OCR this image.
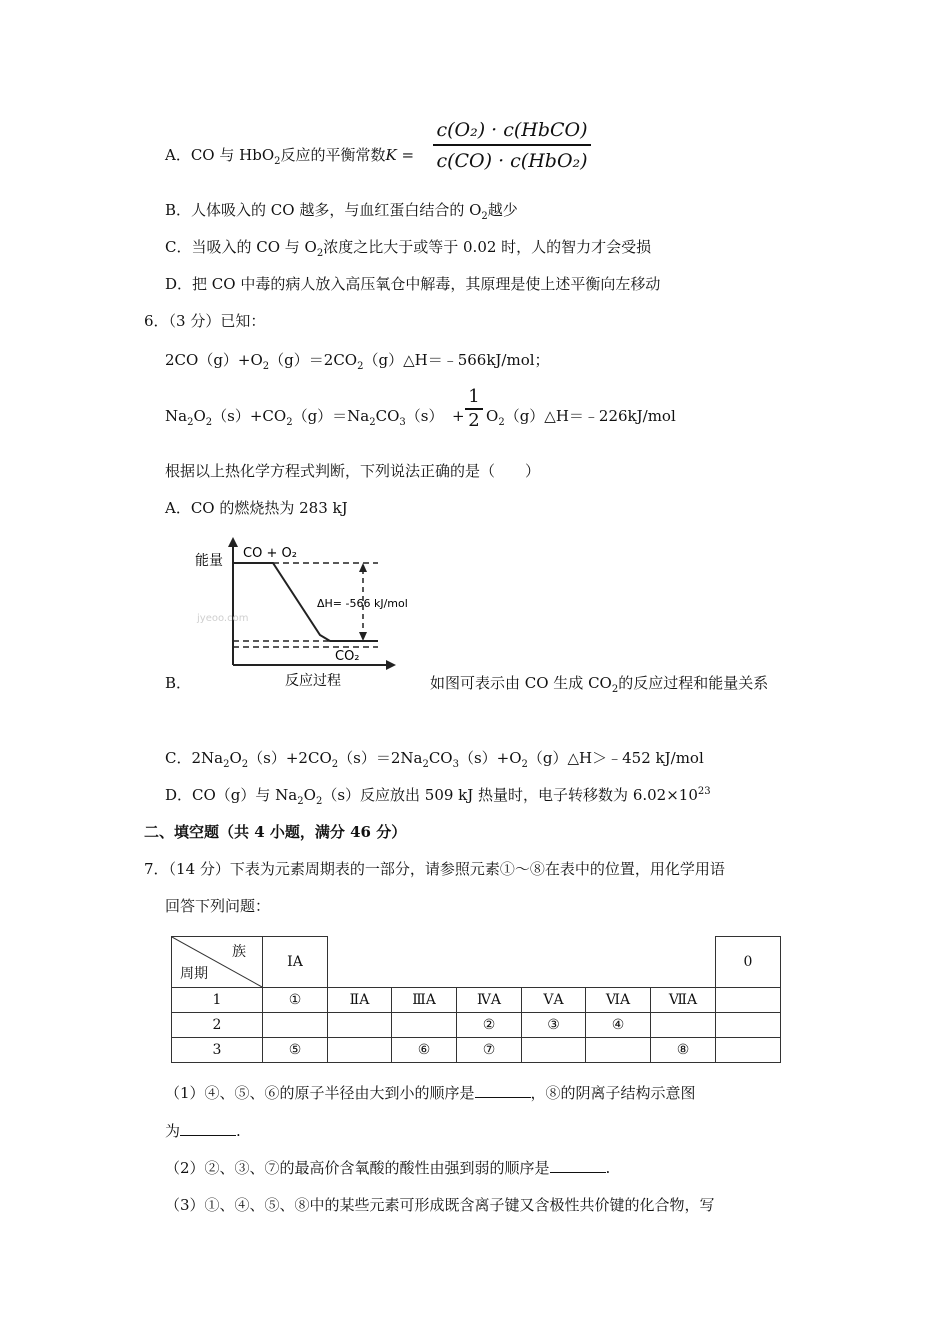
A．CO 与 HbO$_2$反应的平衡常数K =
c(O₂) · c(HbCO)
c(CO) · c(HbO₂)
B．人体吸入的 CO 越多，与血红蛋白结合的 $O_2$越少
C．当吸入的 CO 与 $O_2$浓度之比大于或等于 0.02 时，人的智力才会受损
D．把 CO 中毒的病人放入高压氧仓中解毒，其原理是使上述平衡向左移动
6．（3 分）已知：
$2CO(g)+O_2(g)=2CO_2(g)\triangle H=﹣566kJ$/mol；
$Na_2O_2(s)+CO_2(g)=Na_2CO_3(s)$ +
1
2 $O_2(g)\triangle H=﹣226kJ$/mol
根据以上热化学方程式判断，下列说法正确的是（　　）
A．CO 的燃烧热为 283 kJ
能量 CO + O₂
ΔH= -566 kJ/mol
CO₂
jyeoo.com
反应过程
B．	如图可表示由 CO 生成 $CO_2$的反应过程和能量关系
C．$2Na_2O_2(s)+2CO_2(s)=2Na_2CO_3(s)+O_2(g)\triangle H>﹣452$ kJ/mol
D．CO（g）与 $Na_2O_2(s)$反应放出 509 kJ 热量时，电子转移数为 $6.02\times 10^{23}$
二、填空题（共 4 小题，满分 46 分）
7．（14 分）下表为元素周期表的一部分，请参照元素①～⑧在表中的位置，用化学用语
回答下列问题：
族
周期	ⅠA							0
1	①	ⅡA	ⅢA	ⅣA	ⅤA	ⅥA	ⅦA	
2				②	③	④		
3	⑤		⑥	⑦			⑧	
（1）④、⑤、⑥的原子半径由大到小的顺序是	，⑧的阴离子结构示意图
为	.
（2）②、③、⑦的最高价含氧酸的酸性由强到弱的顺序是	.
（3）①、④、⑤、⑧中的某些元素可形成既含离子键又含极性共价键的化合物，写
